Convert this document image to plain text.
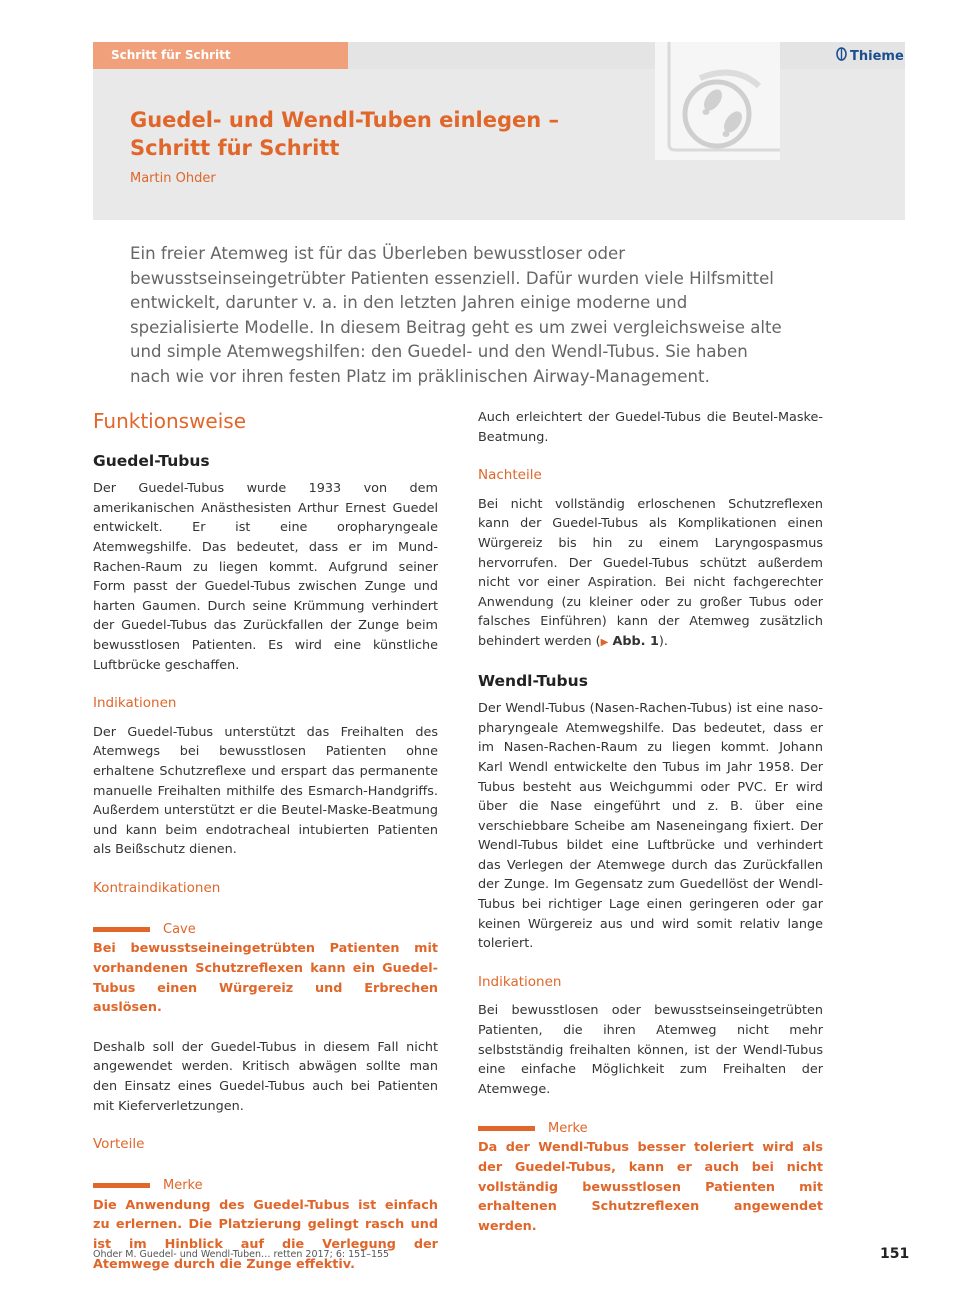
Schritt für Schritt	Thieme
Guedel- und Wendl-Tuben einlegen –
Schritt für Schritt
Martin Ohder

Ein freier Atemweg ist für das Überleben bewusstloser oder bewusstseinseingetrübter Patienten essenziell. Dafür wurden viele Hilfsmittel entwickelt, darunter v. a. in den letzten Jahren einige moderne und spezialisierte Modelle. In diesem Beitrag geht es um zwei vergleichsweise alte und simple Atemwegshilfen: den Guedel- und den Wendl-Tubus. Sie haben nach wie vor ihren festen Platz im präklinischen Airway-Management.

Funktionsweise
Guedel-Tubus

Der Guedel-Tubus wurde 1933 von dem amerikanischen Anästhesisten Arthur Ernest Guedel entwickelt. Er ist eine oropharyngeale Atemwegshilfe. Das bedeutet, dass er im Mund-Rachen-Raum zu liegen kommt. Aufgrund seiner Form passt der Guedel-Tubus zwischen Zunge und harten Gaumen. Durch seine Krümmung verhindert der Guedel-Tubus das Zurückfallen der Zunge beim bewusstlosen Patienten. Es wird eine künstliche Luftbrücke geschaffen.

Indikationen

Der Guedel-Tubus unterstützt das Freihalten des Atemwegs bei bewusstlosen Patienten ohne erhaltene Schutzreflexe und erspart das permanente manuelle Freihalten mithilfe des Esmarch-Handgriffs. Außerdem unterstützt er die Beutel-Maske-Beatmung und kann beim endotracheal intubierten Patienten als Beißschutz dienen.

Kontraindikationen
Cave

Bei bewusstseineingetrübten Patienten mit vorhandenen Schutzreflexen kann ein Guedel-Tubus einen Würgereiz und Erbrechen auslösen.

Deshalb soll der Guedel-Tubus in diesem Fall nicht angewendet werden. Kritisch abwägen sollte man den Einsatz eines Guedel-Tubus auch bei Patienten mit Kieferverletzungen.

Vorteile
Merke

Die Anwendung des Guedel-Tubus ist einfach zu erlernen. Die Platzierung gelingt rasch und ist im Hinblick auf die Verlegung der Atemwege durch die Zunge effektiv.

Auch erleichtert der Guedel-Tubus die Beutel-Maske-Beatmung.

Nachteile

Bei nicht vollständig erloschenen Schutzreflexen kann der Guedel-Tubus als Komplikationen einen Würgereiz bis hin zu einem Laryngospasmus hervorrufen. Der Guedel-Tubus schützt außerdem nicht vor einer Aspiration. Bei nicht fachgerechter Anwendung (zu kleiner oder zu großer Tubus oder falsches Einführen) kann der Atemweg zusätzlich behindert werden (▶ Abb. 1).

Wendl-Tubus

Der Wendl-Tubus (Nasen-Rachen-Tubus) ist eine nasopharyngeale Atemwegshilfe. Das bedeutet, dass er im Nasen-Rachen-Raum zu liegen kommt. Johann Karl Wendl entwickelte den Tubus im Jahr 1958. Der Tubus besteht aus Weichgummi oder PVC. Er wird über die Nase eingeführt und z. B. über eine verschiebbare Scheibe am Naseneingang fixiert. Der Wendl-Tubus bildet eine Luftbrücke und verhindert das Verlegen der Atemwege durch das Zurückfallen der Zunge. Im Gegensatz zum Guedellöst der Wendl-Tubus bei richtiger Lage einen geringeren oder gar keinen Würgereiz aus und wird somit relativ lange toleriert.

Indikationen

Bei bewusstlosen oder bewusstseinseingetrübten Patienten, die ihren Atemweg nicht mehr selbstständig freihalten können, ist der Wendl-Tubus eine einfache Möglichkeit zum Freihalten der Atemwege.

Merke

Da der Wendl-Tubus besser toleriert wird als der Guedel-Tubus, kann er auch bei nicht vollständig bewusstlosen Patienten mit erhaltenen Schutzreflexen angewendet werden.

Ohder M. Guedel- und Wendl-Tuben… retten 2017; 6: 151–155	151
